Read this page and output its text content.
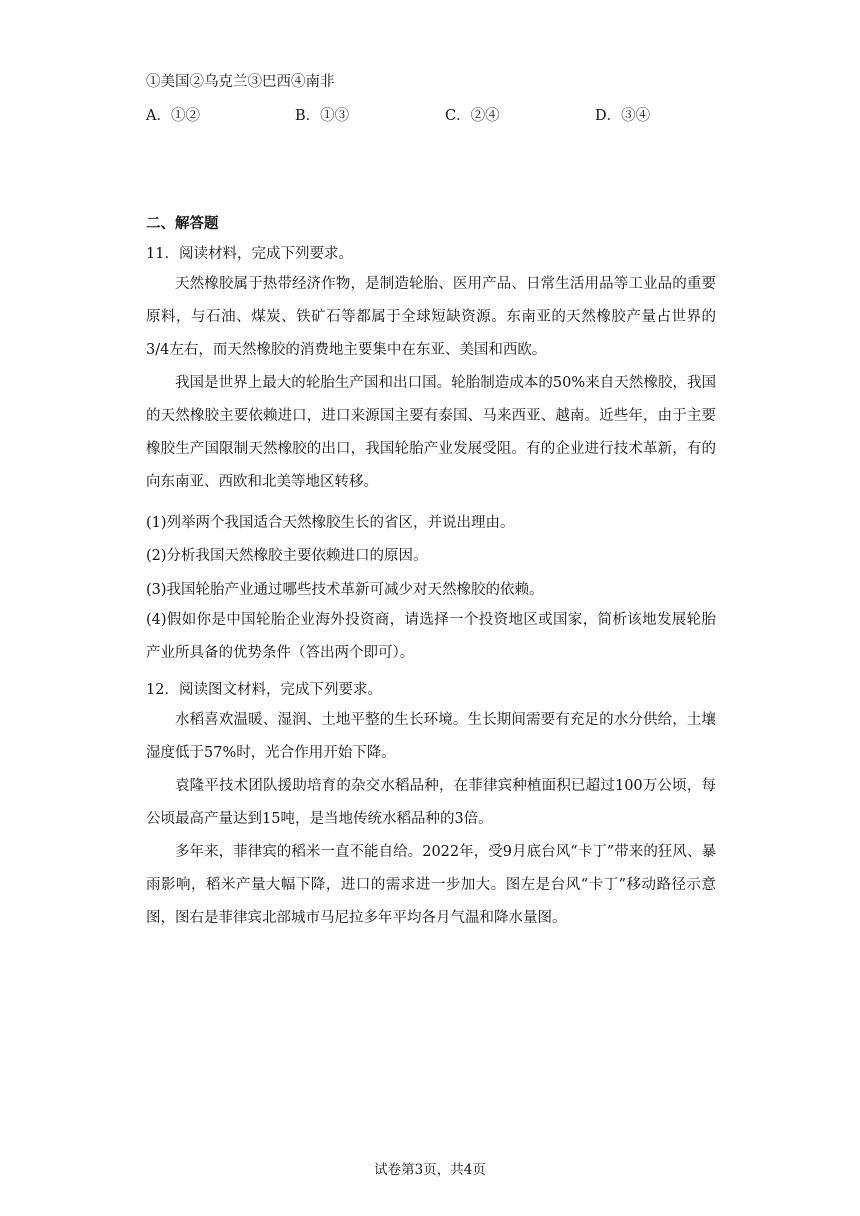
①美国②乌克兰③巴西④南非
A．①②	B．①③	C．②④	D．③④
二、解答题
11．阅读材料，完成下列要求。

天然橡胶属于热带经济作物，是制造轮胎、医用产品、日常生活用品等工业品的重要原料，与石油、煤炭、铁矿石等都属于全球短缺资源。东南亚的天然橡胶产量占世界的3/4左右，而天然橡胶的消费地主要集中在东亚、美国和西欧。

我国是世界上最大的轮胎生产国和出口国。轮胎制造成本的50%来自天然橡胶，我国的天然橡胶主要依赖进口，进口来源国主要有泰国、马来西亚、越南。近些年，由于主要橡胶生产国限制天然橡胶的出口，我国轮胎产业发展受阻。有的企业进行技术革新，有的向东南亚、西欧和北美等地区转移。

(1)列举两个我国适合天然橡胶生长的省区，并说出理由。
(2)分析我国天然橡胶主要依赖进口的原因。
(3)我国轮胎产业通过哪些技术革新可减少对天然橡胶的依赖。

(4)假如你是中国轮胎企业海外投资商，请选择一个投资地区或国家，简析该地发展轮胎产业所具备的优势条件（答出两个即可）。

12．阅读图文材料，完成下列要求。

水稻喜欢温暖、湿润、土地平整的生长环境。生长期间需要有充足的水分供给，土壤湿度低于57%时，光合作用开始下降。

袁隆平技术团队援助培育的杂交水稻品种，在菲律宾种植面积已超过100万公顷，每公顷最高产量达到15吨，是当地传统水稻品种的3倍。

多年来，菲律宾的稻米一直不能自给。2022年，受9月底台风“卡丁”带来的狂风、暴雨影响，稻米产量大幅下降，进口的需求进一步加大。图左是台风“卡丁”移动路径示意图，图右是菲律宾北部城市马尼拉多年平均各月气温和降水量图。

试卷第3页，共4页
